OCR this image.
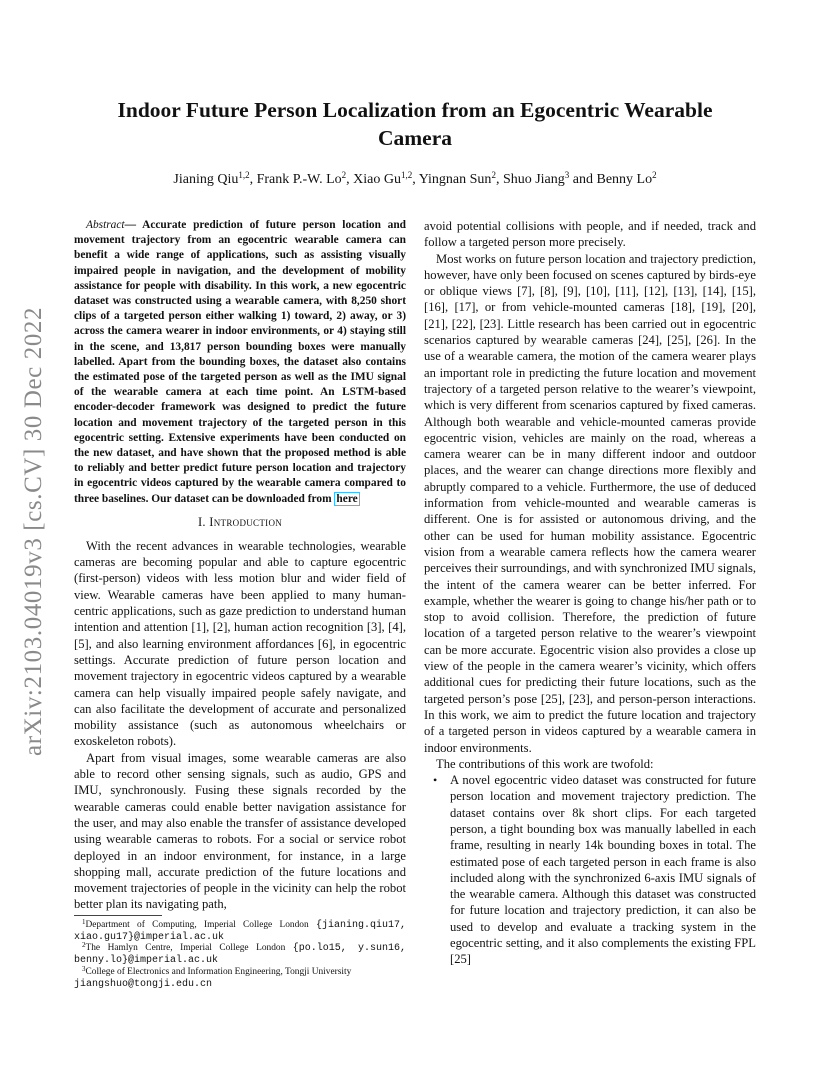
arXiv:2103.04019v3 [cs.CV] 30 Dec 2022
Indoor Future Person Localization from an Egocentric Wearable Camera
Jianing Qiu$^{1,2}$, Frank P.-W. Lo$^2$, Xiao Gu$^{1,2}$, Yingnan Sun$^2$, Shuo Jiang$^3$ and Benny Lo$^2$

Abstract— Accurate prediction of future person location and movement trajectory from an egocentric wearable camera can benefit a wide range of applications, such as assisting visually impaired people in navigation, and the development of mobility assistance for people with disability. In this work, a new egocentric dataset was constructed using a wearable camera, with 8,250 short clips of a targeted person either walking 1) toward, 2) away, or 3) across the camera wearer in indoor environments, or 4) staying still in the scene, and 13,817 person bounding boxes were manually labelled. Apart from the bounding boxes, the dataset also contains the estimated pose of the targeted person as well as the IMU signal of the wearable camera at each time point. An LSTM-based encoder-decoder framework was designed to predict the future location and movement trajectory of the targeted person in this egocentric setting. Extensive experiments have been conducted on the new dataset, and have shown that the proposed method is able to reliably and better predict future person location and trajectory in egocentric videos captured by the wearable camera compared to three baselines. Our dataset can be downloaded from here

I. Introduction

With the recent advances in wearable technologies, wearable cameras are becoming popular and able to capture egocentric (first-person) videos with less motion blur and wider field of view. Wearable cameras have been applied to many human-centric applications, such as gaze prediction to understand human intention and attention [1], [2], human action recognition [3], [4], [5], and also learning environment affordances [6], in egocentric settings. Accurate prediction of future person location and movement trajectory in egocentric videos captured by a wearable camera can help visually impaired people safely navigate, and can also facilitate the development of accurate and personalized mobility assistance (such as autonomous wheelchairs or exoskeleton robots).

Apart from visual images, some wearable cameras are also able to record other sensing signals, such as audio, GPS and IMU, synchronously. Fusing these signals recorded by the wearable cameras could enable better navigation assistance for the user, and may also enable the transfer of assistance developed using wearable cameras to robots. For a social or service robot deployed in an indoor environment, for instance, in a large shopping mall, accurate prediction of the future locations and movement trajectories of people in the vicinity can help the robot better plan its navigating path,

$^1$Department of Computing, Imperial College London {jianing.qiu17, xiao.gu17}@imperial.ac.uk

$^2$The Hamlyn Centre, Imperial College London {po.lo15, y.sun16, benny.lo}@imperial.ac.uk

$^3$College of Electronics and Information Engineering, Tongji University
jiangshuo@tongji.edu.cn

avoid potential collisions with people, and if needed, track and follow a targeted person more precisely.

Most works on future person location and trajectory prediction, however, have only been focused on scenes captured by birds-eye or oblique views [7], [8], [9], [10], [11], [12], [13], [14], [15], [16], [17], or from vehicle-mounted cameras [18], [19], [20], [21], [22], [23]. Little research has been carried out in egocentric scenarios captured by wearable cameras [24], [25], [26]. In the use of a wearable camera, the motion of the camera wearer plays an important role in predicting the future location and movement trajectory of a targeted person relative to the wearer’s viewpoint, which is very different from scenarios captured by fixed cameras. Although both wearable and vehicle-mounted cameras provide egocentric vision, vehicles are mainly on the road, whereas a camera wearer can be in many different indoor and outdoor places, and the wearer can change directions more flexibly and abruptly compared to a vehicle. Furthermore, the use of deduced information from vehicle-mounted and wearable cameras is different. One is for assisted or autonomous driving, and the other can be used for human mobility assistance. Egocentric vision from a wearable camera reflects how the camera wearer perceives their surroundings, and with synchronized IMU signals, the intent of the camera wearer can be better inferred. For example, whether the wearer is going to change his/her path or to stop to avoid collision. Therefore, the prediction of future location of a targeted person relative to the wearer’s viewpoint can be more accurate. Egocentric vision also provides a close up view of the people in the camera wearer’s vicinity, which offers additional cues for predicting their future locations, such as the targeted person’s pose [25], [23], and person-person interactions. In this work, we aim to predict the future location and trajectory of a targeted person in videos captured by a wearable camera in indoor environments.

The contributions of this work are twofold:

• A novel egocentric video dataset was constructed for future person location and movement trajectory prediction. The dataset contains over 8k short clips. For each targeted person, a tight bounding box was manually labelled in each frame, resulting in nearly 14k bounding boxes in total. The estimated pose of each targeted person in each frame is also included along with the synchronized 6-axis IMU signals of the wearable camera. Although this dataset was constructed for future location and trajectory prediction, it can also be used to develop and evaluate a tracking system in the egocentric setting, and it also complements the existing FPL [25]
